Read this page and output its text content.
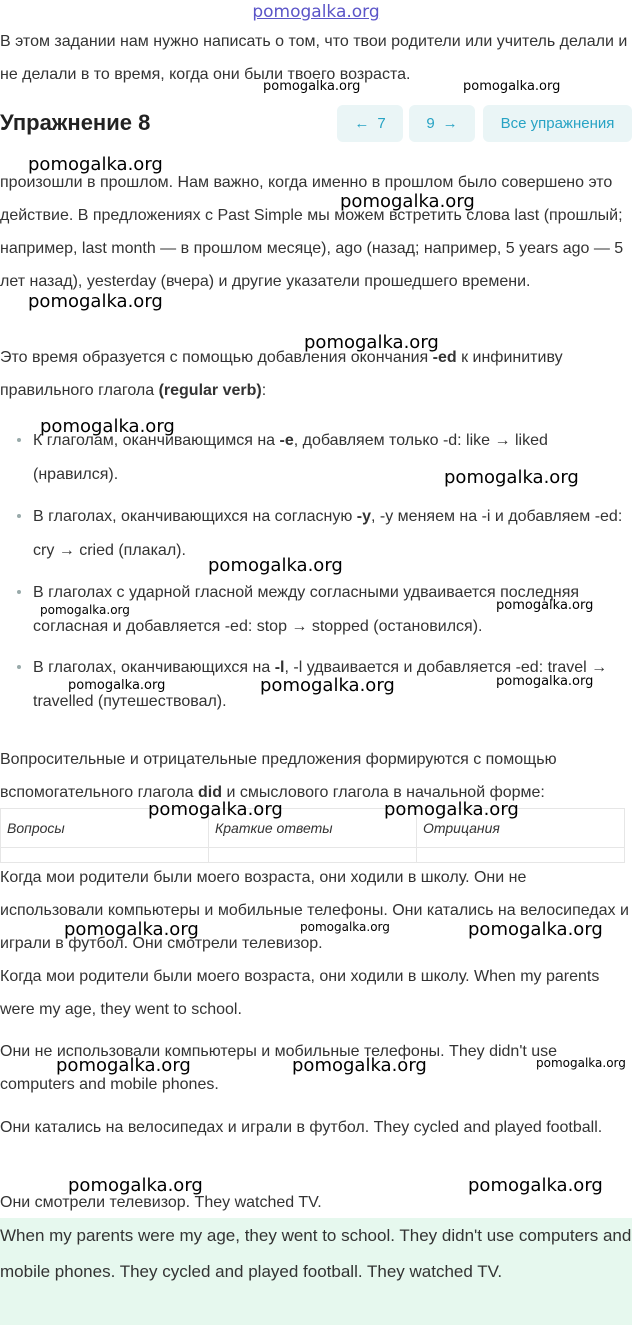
pomogalka.org

В этом задании нам нужно написать о том, что твои родители или учитель делали и не делали в то время, когда они были твоего возраста.

Упражнение 8	← 7	9 →	Все упражнения

произошли в прошлом. Нам важно, когда именно в прошлом было совершено это действие. В предложениях с Past Simple мы можем встретить слова last (прошлый; например, last month — в прошлом месяце), ago (назад; например, 5 years ago — 5 лет назад), yesterday (вчера) и другие указатели прошедшего времени.

Это время образуется с помощью добавления окончания -ed к инфинитиву правильного глагола (regular verb):

К глаголам, оканчивающимся на -e, добавляем только -d: like → liked (нравился).
В глаголах, оканчивающихся на согласную -y, -y меняем на -i и добавляем -ed: cry → cried (плакал).
В глаголах с ударной гласной между согласными удваивается последняя согласная и добавляется -ed: stop → stopped (остановился).
В глаголах, оканчивающихся на -l, -l удваивается и добавляется -ed: travel → travelled (путешествовал).

Вопросительные и отрицательные предложения формируются с помощью вспомогательного глагола did и смыслового глагола в начальной форме:

Вопросы	Краткие ответы	Отрицания

Когда мои родители были моего возраста, они ходили в школу. Они не использовали компьютеры и мобильные телефоны. Они катались на велосипедах и играли в футбол. Они смотрели телевизор.

Когда мои родители были моего возраста, они ходили в школу. When my parents were my age, they went to school.

Они не использовали компьютеры и мобильные телефоны. They didn't use computers and mobile phones.

Они катались на велосипедах и играли в футбол. They cycled and played football.

Они смотрели телевизор. They watched TV.

When my parents were my age, they went to school. They didn't use computers and mobile phones. They cycled and played football. They watched TV.
pomogalka.org	pomogalka.org
pomogalka.org
pomogalka.org
pomogalka.org
pomogalka.org
pomogalka.org
pomogalka.org
pomogalka.org
pomogalka.org	pomogalka.org
pomogalka.org	pomogalka.org	pomogalka.org
pomogalka.org	pomogalka.org
pomogalka.org	pomogalka.org	pomogalka.org
pomogalka.org	pomogalka.org	pomogalka.org
pomogalka.org	pomogalka.org
